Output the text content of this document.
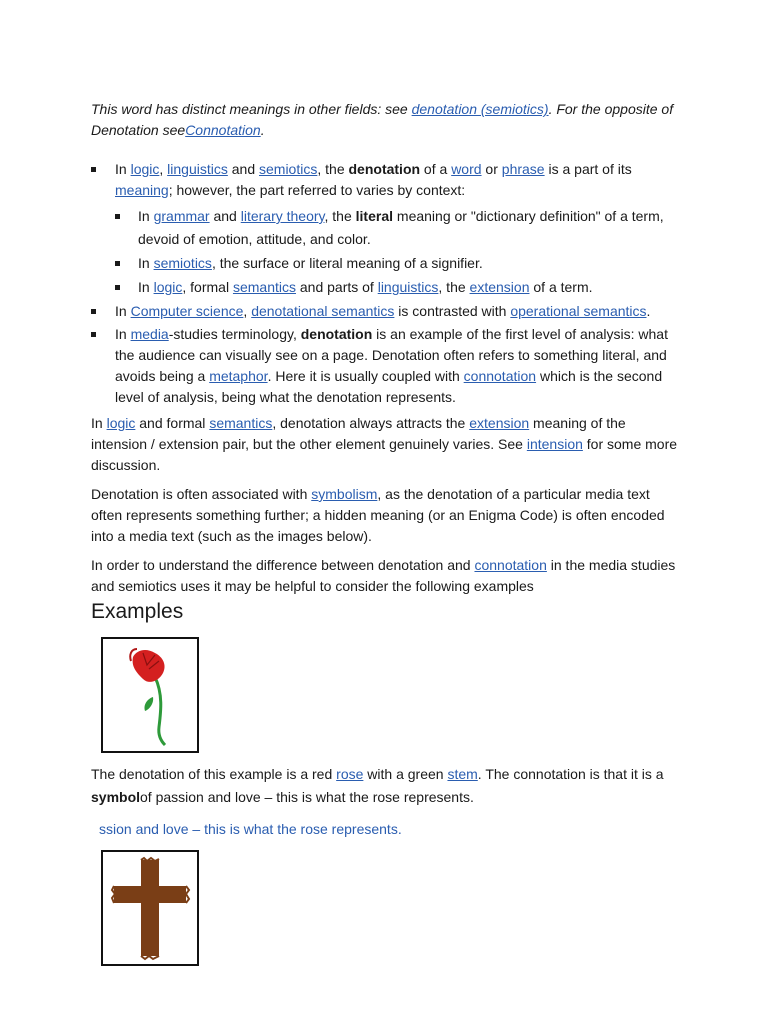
This word has distinct meanings in other fields: see denotation (semiotics). For the opposite of Denotation seeConnotation.
In logic, linguistics and semiotics, the denotation of a word or phrase is a part of its meaning; however, the part referred to varies by context:
In grammar and literary theory, the literal meaning or "dictionary definition" of a term, devoid of emotion, attitude, and color.
In semiotics, the surface or literal meaning of a signifier.
In logic, formal semantics and parts of linguistics, the extension of a term.
In Computer science, denotational semantics is contrasted with operational semantics.
In media-studies terminology, denotation is an example of the first level of analysis: what the audience can visually see on a page. Denotation often refers to something literal, and avoids being a metaphor. Here it is usually coupled with connotation which is the second level of analysis, being what the denotation represents.
In logic and formal semantics, denotation always attracts the extension meaning of the intension / extension pair, but the other element genuinely varies. See intension for some more discussion.
Denotation is often associated with symbolism, as the denotation of a particular media text often represents something further; a hidden meaning (or an Enigma Code) is often encoded into a media text (such as the images below).
In order to understand the difference between denotation and connotation in the media studies and semiotics uses it may be helpful to consider the following examples
Examples
The denotation of this example is a red rose with a green stem. The connotation is that it is a symbolof passion and love – this is what the rose represents.
ssion and love – this is what the rose represents.
